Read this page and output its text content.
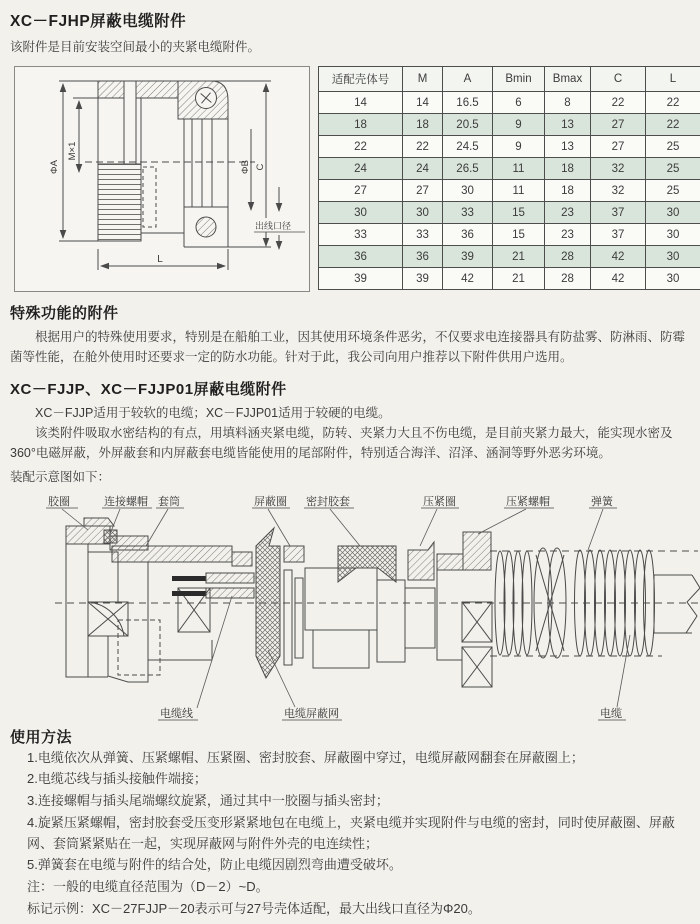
XC－FJHP屏蔽电缆附件

该附件是目前安装空间最小的夹紧电缆附件。

ΦA
M×1
ΦB C
出线口径
L
适配壳体号	M	A	Bmin	Bmax	C	L
14	14	16.5	6	8	22	22
18	18	20.5	9	13	27	22
22	22	24.5	9	13	27	25
24	24	26.5	11	18	32	25
27	27	30	11	18	32	25
30	30	33	15	23	37	30
33	33	36	15	23	37	30
36	36	39	21	28	42	30
39	39	42	21	28	42	30
特殊功能的附件

根据用户的特殊使用要求，特别是在船舶工业，因其使用环境条件恶劣，不仅要求电连接器具有防盐雾、防淋雨、防霉菌等性能，在舱外使用时还要求一定的防水功能。针对于此，我公司向用户推荐以下附件供用户选用。

XC－FJJP、XC－FJJP01屏蔽电缆附件

XC－FJJP适用于较软的电缆；XC－FJJP01适用于较硬的电缆。

该类附件吸取水密结构的有点，用填料涵夹紧电缆，防转、夹紧力大且不伤电缆，是目前夹紧力最大，能实现水密及360°电磁屏蔽，外屏蔽套和内屏蔽套电缆皆能使用的尾部附件，特别适合海洋、沼泽、涵洞等野外恶劣环境。

装配示意图如下：

胶圈	连接螺帽 套筒	屏蔽圈 密封胶套	压紧圈	压紧螺帽	弹簧
电缆线	电缆屏蔽网	电缆
使用方法

1.电缆依次从弹簧、压紧螺帽、压紧圈、密封胶套、屏蔽圈中穿过，电缆屏蔽网翻套在屏蔽圈上；

2.电缆芯线与插头接触件端接；

3.连接螺帽与插头尾端螺纹旋紧，通过其中一胶圈与插头密封；

4.旋紧压紧螺帽，密封胶套受压变形紧紧地包在电缆上，夹紧电缆并实现附件与电缆的密封，同时使屏蔽圈、屏蔽网、套筒紧紧贴在一起，实现屏蔽网与附件外壳的电连续性；

5.弹簧套在电缆与附件的结合处，防止电缆因剧烈弯曲遭受破坏。

注：一般的电缆直径范围为（D－2）~D。

标记示例：XC－27FJJP－20表示可与27号壳体适配，最大出线口直径为Φ20。
